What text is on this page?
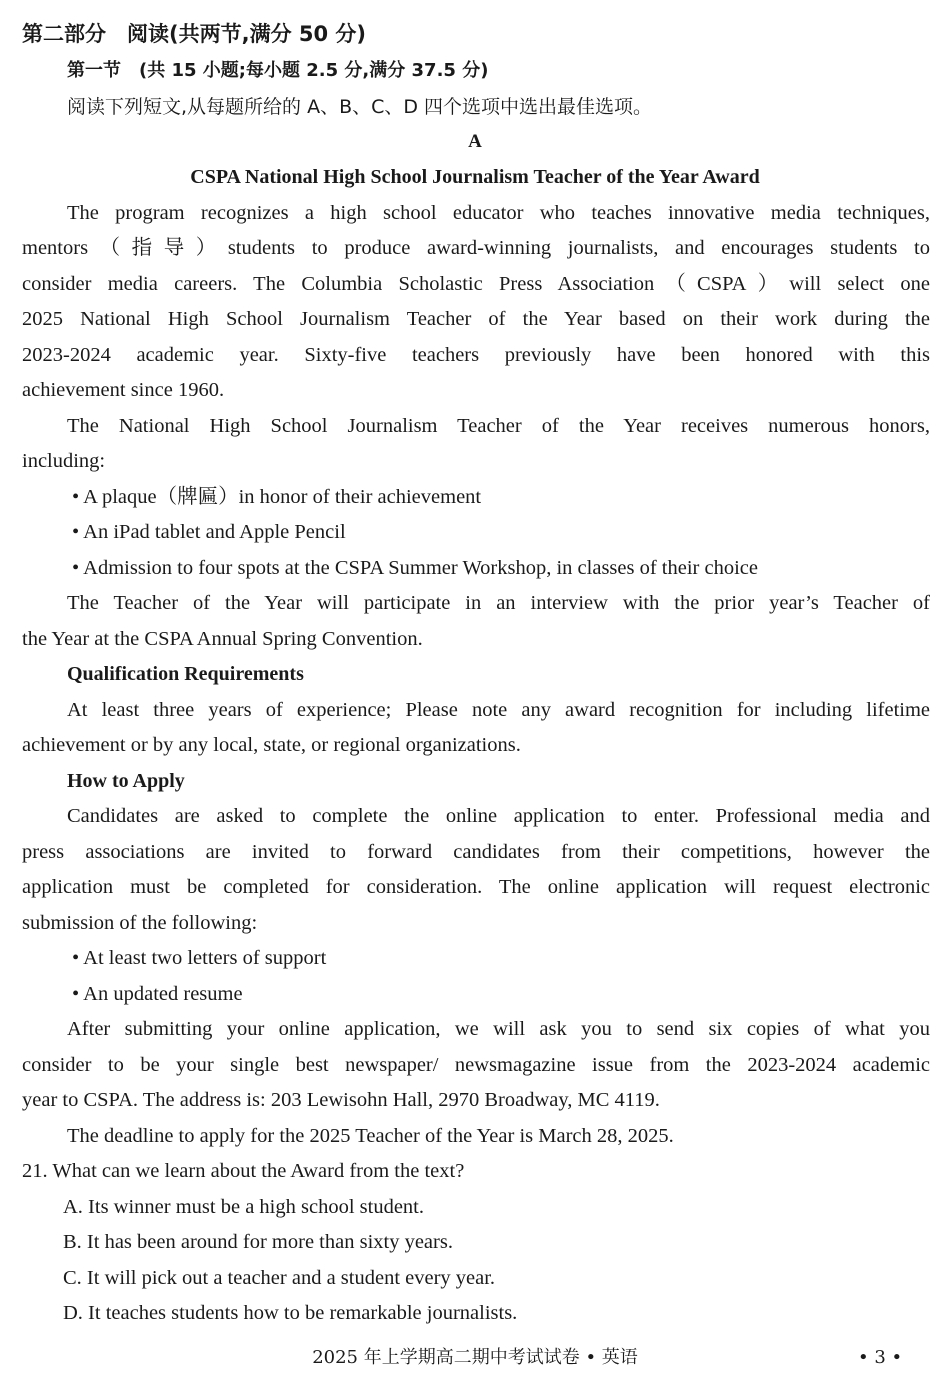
第二部分　阅读(共两节,满分 50 分)
第一节　(共 15 小题;每小题 2.5 分,满分 37.5 分)
阅读下列短文,从每题所给的 A、B、C、D 四个选项中选出最佳选项。
A
CSPA National High School Journalism Teacher of the Year Award
The program recognizes a high school educator who teaches innovative media techniques,
mentors（指导）students to produce award-winning journalists, and encourages students to
consider media careers. The Columbia Scholastic Press Association（CSPA）will select one
2025 National High School Journalism Teacher of the Year based on their work during the
2023-2024 academic year. Sixty-five teachers previously have been honored with this
achievement since 1960.
The National High School Journalism Teacher of the Year receives numerous honors,
including:
• A plaque（牌匾）in honor of their achievement
• An iPad tablet and Apple Pencil
• Admission to four spots at the CSPA Summer Workshop, in classes of their choice
The Teacher of the Year will participate in an interview with the prior year’s Teacher of
the Year at the CSPA Annual Spring Convention.
Qualification Requirements
At least three years of experience; Please note any award recognition for including lifetime
achievement or by any local, state, or regional organizations.
How to Apply
Candidates are asked to complete the online application to enter. Professional media and
press associations are invited to forward candidates from their competitions, however the
application must be completed for consideration. The online application will request electronic
submission of the following:
• At least two letters of support
• An updated resume
After submitting your online application, we will ask you to send six copies of what you
consider to be your single best newspaper/ newsmagazine issue from the 2023-2024 academic
year to CSPA. The address is: 203 Lewisohn Hall, 2970 Broadway, MC 4119.
The deadline to apply for the 2025 Teacher of the Year is March 28, 2025.
21. What can we learn about the Award from the text?
A. Its winner must be a high school student.
B. It has been around for more than sixty years.
C. It will pick out a teacher and a student every year.
D. It teaches students how to be remarkable journalists.
2025 年上学期高二期中考试试卷 • 英语	• 3 •
